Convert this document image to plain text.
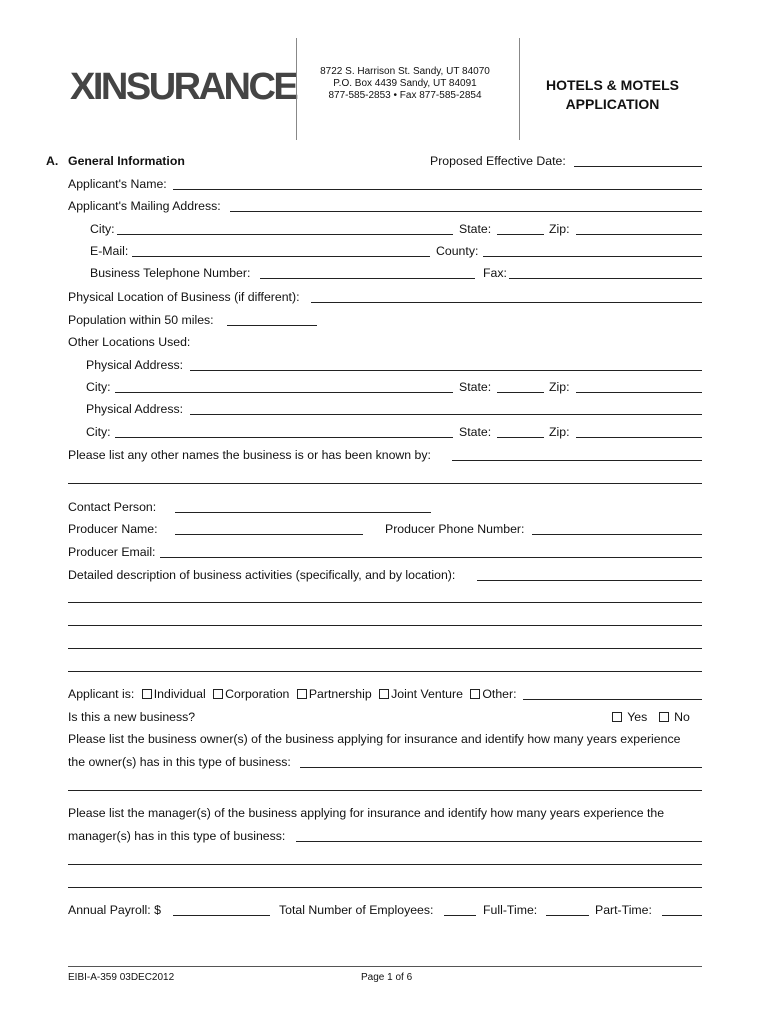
XINSURANCE	8722 S. Harrison St. Sandy, UT 84070
P.O. Box 4439 Sandy, UT 84091
877-585-2853 • Fax 877-585-2854
HOTELS & MOTELS
APPLICATION
A. General Information	Proposed Effective Date:
Applicant's Name:
Applicant's Mailing Address:
City:	State:	Zip:
E-Mail:	County:
Business Telephone Number:	Fax:
Physical Location of Business (if different):
Population within 50 miles:
Other Locations Used:
Physical Address:
City:	State:	Zip:
Physical Address:
City:	State:	Zip:
Please list any other names the business is or has been known by:
Contact Person:
Producer Name:	Producer Phone Number:
Producer Email:
Detailed description of business activities (specifically, and by location):
Applicant is: Individual Corporation Partnership Joint Venture Other:
Is this a new business?	Yes No
Please list the business owner(s) of the business applying for insurance and identify how many years experience
the owner(s) has in this type of business:
Please list the manager(s) of the business applying for insurance and identify how many years experience the
manager(s) has in this type of business:
Annual Payroll: $	Total Number of Employees:	Full-Time:	Part-Time:
EIBI-A-359 03DEC2012	Page 1 of 6
